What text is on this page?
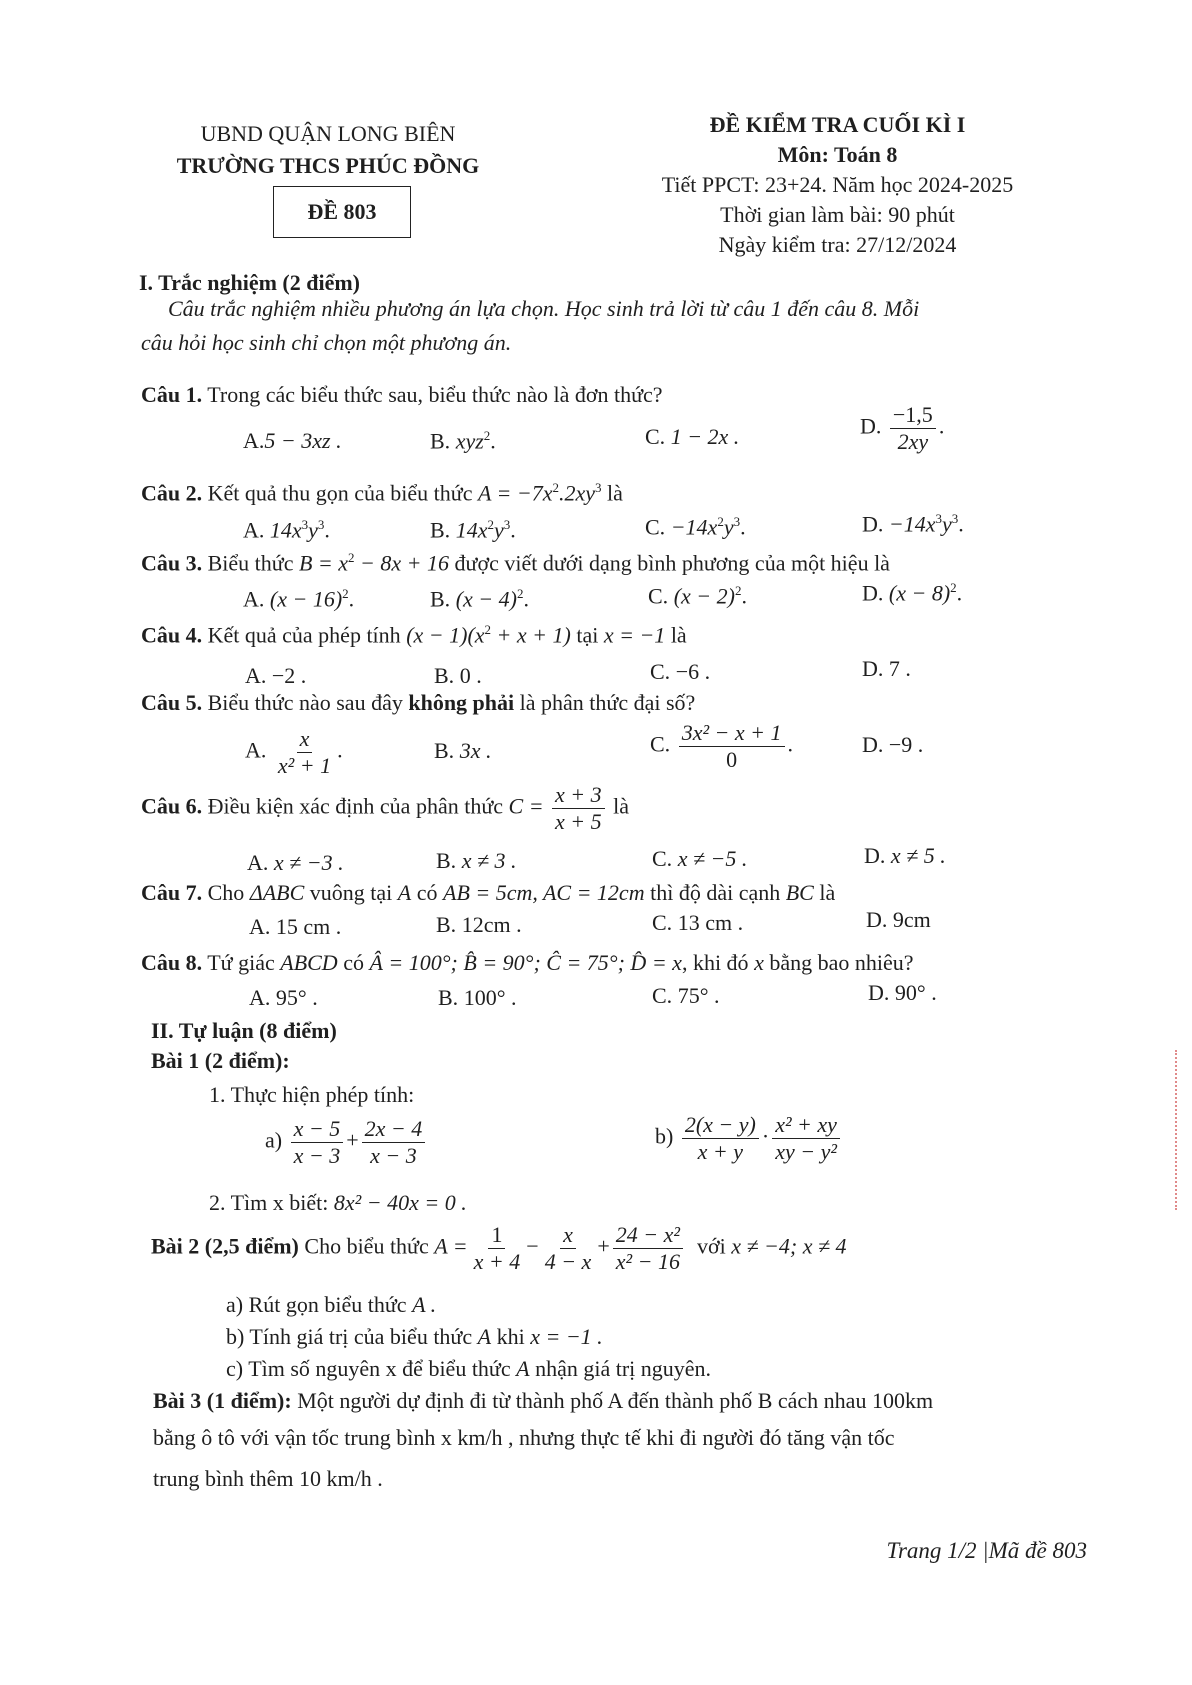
UBND QUẬN LONG BIÊN
TRƯỜNG THCS PHÚC ĐỒNG
ĐỀ 803
ĐỀ KIỂM TRA CUỐI KÌ I
Môn: Toán 8
Tiết PPCT: 23+24. Năm học 2024-2025
Thời gian làm bài: 90 phút
Ngày kiểm tra: 27/12/2024
I. Trắc nghiệm (2 điểm)
Câu trắc nghiệm nhiều phương án lựa chọn. Học sinh trả lời từ câu 1 đến câu 8. Mỗi
câu hỏi học sinh chỉ chọn một phương án.
Câu 1. Trong các biểu thức sau, biểu thức nào là đơn thức?
A.5 − 3xz .	B. xyz$^2$.	C. 1 − 2x .	D. $\frac{-1,5}{2xy}$ .
Câu 2. Kết quả thu gọn của biểu thức $A = -7x^2.2xy^3$ là
A. $14x^3y^3$.	B. $14x^2y^3$.	C. $-14x^2y^3$.	D. $-14x^3y^3$.
Câu 3. Biểu thức $B = x^2 - 8x + 16$ được viết dưới dạng bình phương của một hiệu là
A. $(x - 16)^2$.	B. $(x - 4)^2$.	C. $(x - 2)^2$.	D. $(x - 8)^2$.
Câu 4. Kết quả của phép tính $(x - 1)(x^2 + x + 1)$ tại x = −1 là
A. −2 .	B. 0 .	C. −6 .	D. 7 .
Câu 5. Biểu thức nào sau đây không phải là phân thức đại số?
A. $\frac{x}{\text{x² + 1}}$ .	B. 3x .	C. $\frac{\text{3x² − x + 1}}{0}$ .	D. −9 .
Câu 6. Điều kiện xác định của phân thức $C = \frac{x + 3}{x + 5}$ là
A. x ≠ −3 .	B. x ≠ 3 .	C. x ≠ −5 .	D. x ≠ 5 .
Câu 7. Cho ΔABC vuông tại A có AB = 5cm, AC = 12cm thì độ dài cạnh BC là
A. 15 cm .	B. 12cm .	C. 13 cm .	D. 9cm
Câu 8. Tứ giác ABCD có Â = 100°; B̂ = 90°; Ĉ = 75°; D̂ = x, khi đó x bằng bao nhiêu?
A. 95° .	B. 100° .	C. 75° .	D. 90° .
II. Tự luận (8 điểm)
Bài 1 (2 điểm):
1. Thực hiện phép tính:
$a) \frac{x - 5}{x - 3} + \frac{2x - 4}{x - 3}$	$b) \frac{2(x - y)}{x + y} \cdot \frac{\text{x² + xy}}{\text{xy − y²}}$
2. Tìm x biết: 8x² − 40x = 0 .
Bài 2 (2,5 điểm) Cho biểu thức $A = \frac{1}{x + 4} - \frac{x}{4 - x} + \frac{\text{24 − x²}}{\text{x² − 16}}$ với x ≠ −4; x ≠ 4
a) Rút gọn biểu thức A .
b) Tính giá trị của biểu thức A khi x = −1 .
c) Tìm số nguyên x để biểu thức A nhận giá trị nguyên.
Bài 3 (1 điểm): Một người dự định đi từ thành phố A đến thành phố B cách nhau 100km
bằng ô tô với vận tốc trung bình x km/h , nhưng thực tế khi đi người đó tăng vận tốc
trung bình thêm 10 km/h .
Trang 1/2 |Mã đề 803
